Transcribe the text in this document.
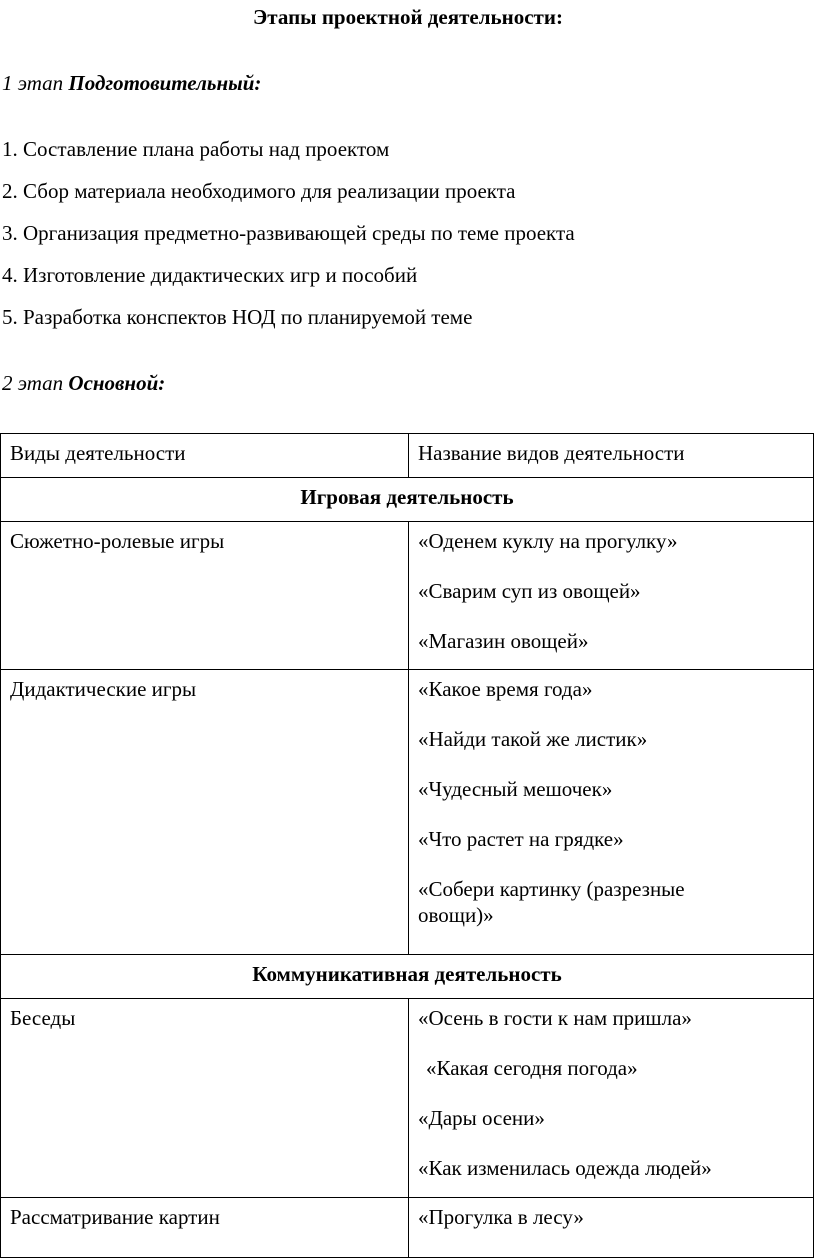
Этапы проектной деятельности:
1 этап Подготовительный:
1. Составление плана работы над проектом
2. Сбор материала необходимого для реализации проекта
3. Организация предметно-развивающей среды по теме проекта
4. Изготовление дидактических игр и пособий
5. Разработка конспектов НОД по планируемой теме
2 этап Основной:
Виды деятельности	Название видов деятельности
Игровая деятельность	
Сюжетно-ролевые игры	«Оденем куклу на прогулку»
«Сварим суп из овощей»
«Магазин овощей»

Дидактические игры	«Какое время года»
«Найди такой же листик»
«Чудесный мешочек»
«Что растет на грядке»
«Собери картинку (разрезные овощи)»

Коммуникативная деятельность	
Беседы	«Осень в гости к нам пришла»
«Какая сегодня погода»
«Дары осени»
«Как изменилась одежда людей»

Рассматривание картин	«Прогулка в лесу»
